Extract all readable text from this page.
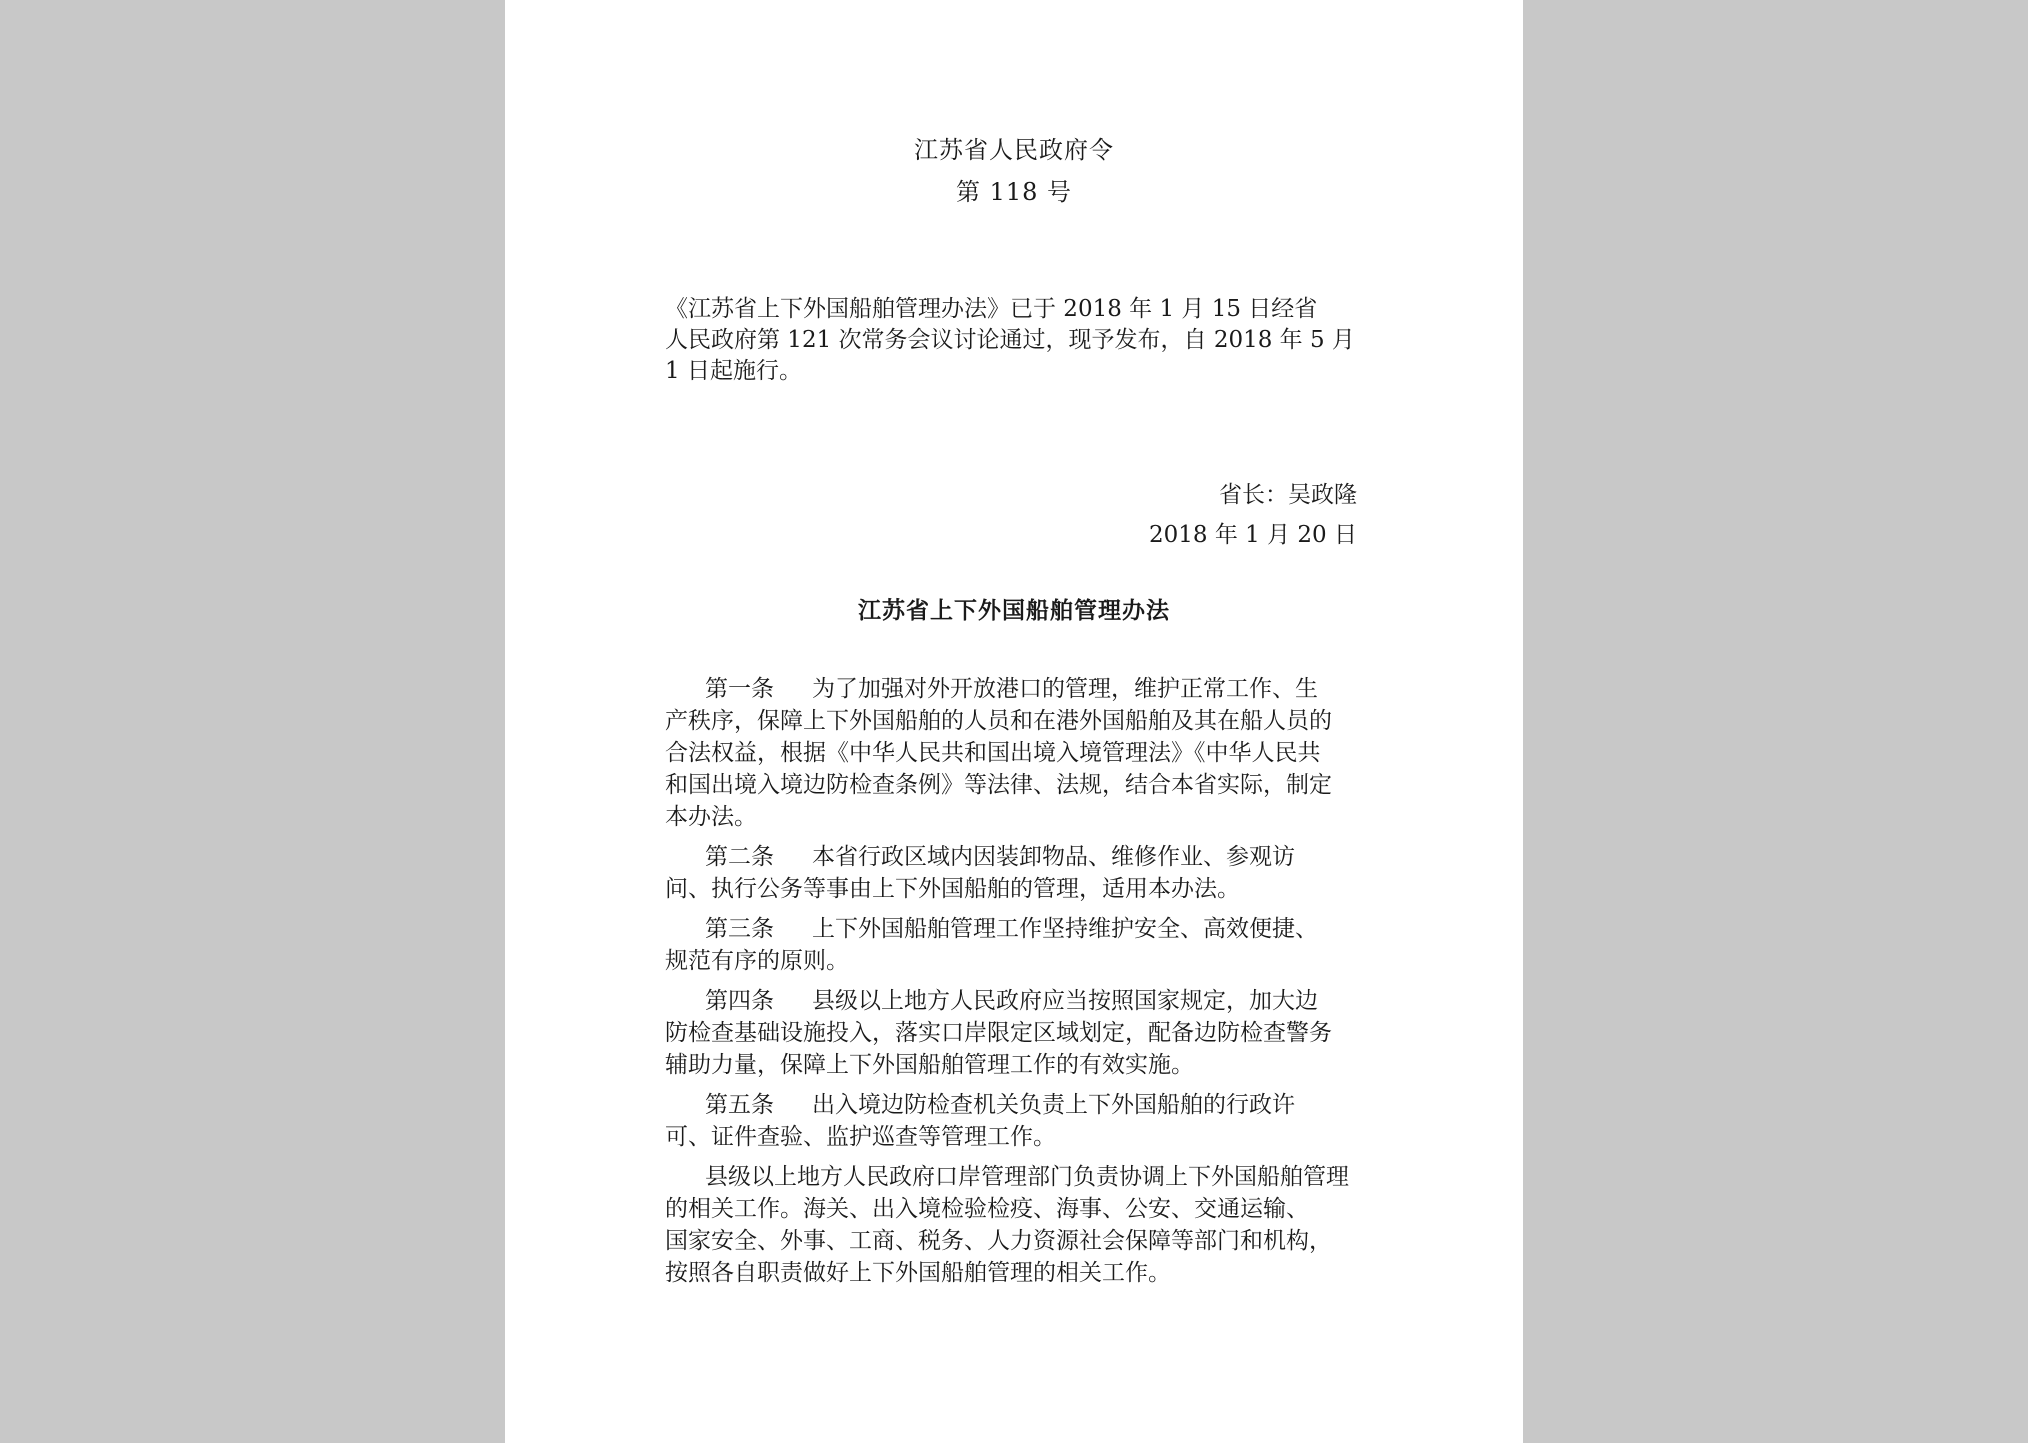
江苏省人民政府令
第 118 号
《江苏省上下外国船舶管理办法》已于 2018 年 1 月 15 日经省
人民政府第 121 次常务会议讨论通过，现予发布，自 2018 年 5 月
1 日起施行。
省长：吴政隆
2018 年 1 月 20 日
江苏省上下外国船舶管理办法
第一条 为了加强对外开放港口的管理，维护正常工作、生
产秩序，保障上下外国船舶的人员和在港外国船舶及其在船人员的
合法权益，根据《中华人民共和国出境入境管理法》《中华人民共
和国出境入境边防检查条例》等法律、法规，结合本省实际，制定
本办法。
第二条 本省行政区域内因装卸物品、维修作业、参观访
问、执行公务等事由上下外国船舶的管理，适用本办法。
第三条 上下外国船舶管理工作坚持维护安全、高效便捷、
规范有序的原则。
第四条 县级以上地方人民政府应当按照国家规定，加大边
防检查基础设施投入，落实口岸限定区域划定，配备边防检查警务
辅助力量，保障上下外国船舶管理工作的有效实施。
第五条 出入境边防检查机关负责上下外国船舶的行政许
可、证件查验、监护巡查等管理工作。
县级以上地方人民政府口岸管理部门负责协调上下外国船舶管理
的相关工作。海关、出入境检验检疫、海事、公安、交通运输、
国家安全、外事、工商、税务、人力资源社会保障等部门和机构，
按照各自职责做好上下外国船舶管理的相关工作。
